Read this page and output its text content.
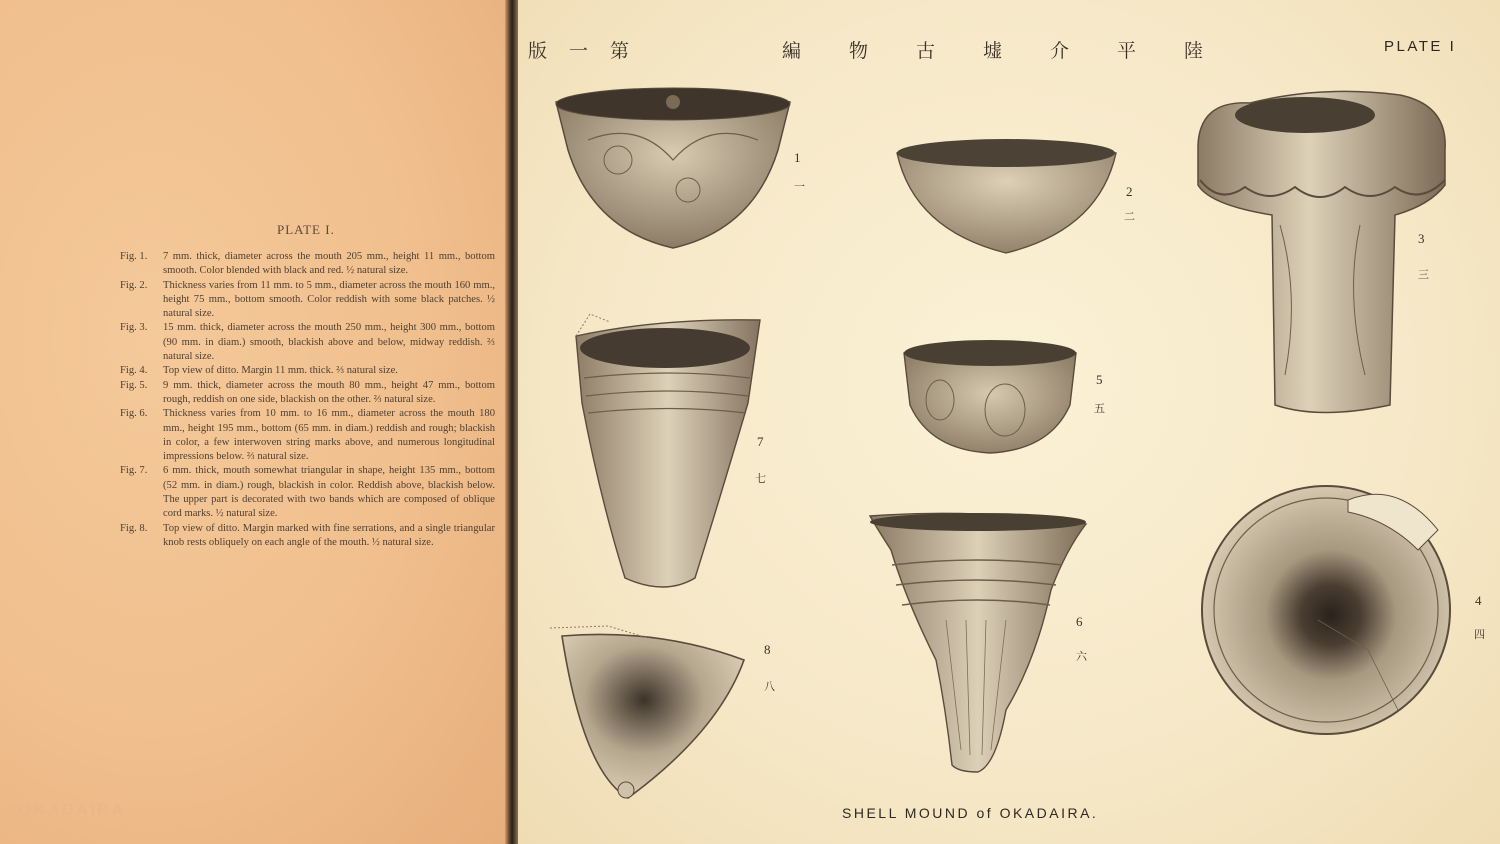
PLATE I.
Fig. 1.	7 mm. thick, diameter across the mouth 205 mm., height 11 mm., bottom smooth. Color blended with black and red. ½ natural size.
Fig. 2.	Thickness varies from 11 mm. to 5 mm., diameter across the mouth 160 mm., height 75 mm., bottom smooth. Color reddish with some black patches. ½ natural size.
Fig. 3.	15 mm. thick, diameter across the mouth 250 mm., height 300 mm., bottom (90 mm. in diam.) smooth, blackish above and below, midway reddish. ⅔ natural size.
Fig. 4.	Top view of ditto. Margin 11 mm. thick. ⅔ natural size.
Fig. 5.	9 mm. thick, diameter across the mouth 80 mm., height 47 mm., bottom rough, reddish on one side, blackish on the other. ⅔ natural size.
Fig. 6.	Thickness varies from 10 mm. to 16 mm., diameter across the mouth 180 mm., height 195 mm., bottom (65 mm. in diam.) reddish and rough; blackish in color, a few interwoven string marks above, and numerous longitudinal impressions below. ⅔ natural size.
Fig. 7.	6 mm. thick, mouth somewhat triangular in shape, height 135 mm., bottom (52 mm. in diam.) rough, blackish in color. Reddish above, blackish below. The upper part is decorated with two bands which are composed of oblique cord marks. ½ natural size.
Fig. 8.	Top view of ditto. Margin marked with fine serrations, and a single triangular knob rests obliquely on each angle of the mouth. ½ natural size.
OKADAIRA
版一第	編物古墟介平陸	PLATE I
1
一	2
二
3
三
4
四
5
五
6
六
7
七
8
八
SHELL MOUND of OKADAIRA.
